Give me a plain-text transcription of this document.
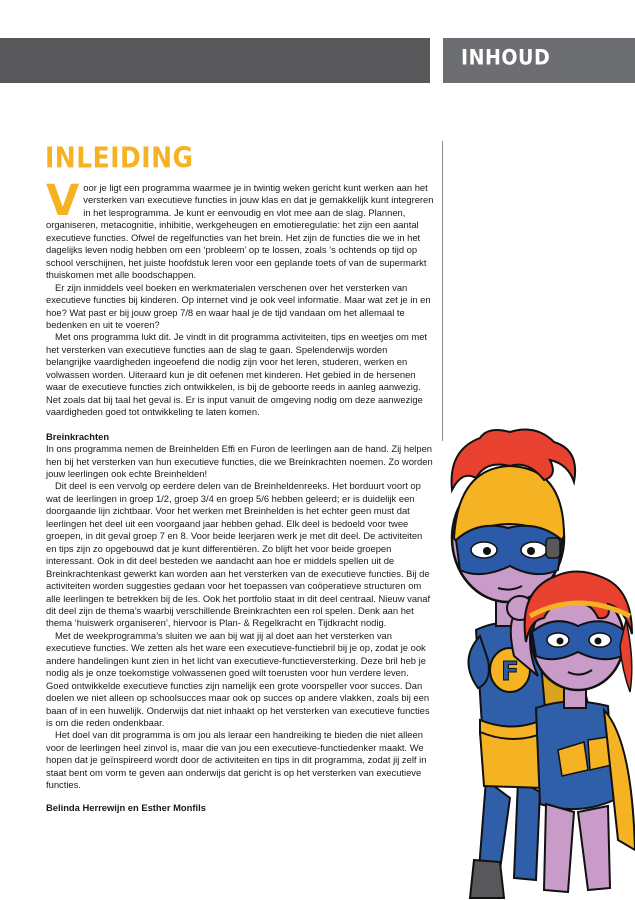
INHOUD
INLEIDING

Voor je ligt een programma waarmee je in twintig weken gericht kunt werken aan het versterken van executieve functies in jouw klas en dat je gemakkelijk kunt integreren in het lesprogramma. Je kunt er eenvoudig en vlot mee aan de slag. Plannen, organiseren, metacognitie, inhibitie, werkgeheugen en emotieregulatie: het zijn een aantal executieve functies. Ofwel de regelfuncties van het brein. Het zijn de functies die we in het dagelijks leven nodig hebben om een ‘probleem’ op te lossen, zoals ’s ochtends op tijd op school verschijnen, het juiste hoofdstuk leren voor een geplande toets of van de supermarkt thuiskomen met alle boodschappen.

Er zijn inmiddels veel boeken en werkmaterialen verschenen over het versterken van executieve functies bij kinderen. Op internet vind je ook veel informatie. Maar wat zet je in en hoe? Wat past er bij jouw groep 7/8 en waar haal je de tijd vandaan om het allemaal te bedenken en uit te voeren?

Met ons programma lukt dit. Je vindt in dit programma activiteiten, tips en weetjes om met het versterken van executieve functies aan de slag te gaan. Spelenderwijs worden belangrijke vaardigheden ingeoefend die nodig zijn voor het leren, studeren, werken en volwassen worden. Uiteraard kun je dit oefenen met kinderen. Het gebied in de hersenen waar de executieve functies zich ontwikkelen, is bij de geboorte reeds in aanleg aanwezig. Net zoals dat bij taal het geval is. Er is input vanuit de omgeving nodig om deze aanwezige vaardigheden goed tot ontwikkeling te laten komen.

Breinkrachten

In ons programma nemen de Breinhelden Effi en Furon de leerlingen aan de hand. Zij helpen hen bij het versterken van hun executieve functies, die we Breinkrachten noemen. Zo worden jouw leerlingen ook echte Breinhelden!

Dit deel is een vervolg op eerdere delen van de Breinheldenreeks. Het borduurt voort op wat de leerlingen in groep 1/2, groep 3/4 en groep 5/6 hebben geleerd; er is duidelijk een doorgaande lijn zichtbaar. Voor het werken met Breinhelden is het echter geen must dat leerlingen het deel uit een voorgaand jaar hebben gehad. Elk deel is bedoeld voor twee groepen, in dit geval groep 7 en 8. Voor beide leerjaren werk je met dit deel. De activiteiten en tips zijn zo opgebouwd dat je kunt differentiëren. Zo blijft het voor beide groepen interessant. Ook in dit deel besteden we aandacht aan hoe er middels spellen uit de Breinkrachtenkast gewerkt kan worden aan het versterken van de executieve functies. Bij de activiteiten worden suggesties gedaan voor het toepassen van coöperatieve structuren om alle leerlingen te betrekken bij de les. Ook het portfolio staat in dit deel centraal. Nieuw vanaf dit deel zijn de thema’s waarbij verschillende Breinkrachten een rol spelen. Denk aan het thema ‘huiswerk organiseren’, hiervoor is Plan- & Regelkracht en Tijdkracht nodig.

Met de weekprogramma’s sluiten we aan bij wat jij al doet aan het versterken van executieve functies. We zetten als het ware een executieve-functiebril bij je op, zodat je ook andere handelingen kunt zien in het licht van executieve-functieversterking. Deze bril heb je nodig als je onze toekomstige volwassenen goed wilt toerusten voor hun verdere leven. Goed ontwikkelde executieve functies zijn namelijk een grote voorspeller voor succes. Dan doelen we niet alleen op schoolsucces maar ook op succes op andere vlakken, zoals bij een baan of in een huwelijk. Onderwijs dat niet inhaakt op het versterken van executieve functies is om die reden ondenkbaar.

Het doel van dit programma is om jou als leraar een handreiking te bieden die niet alleen voor de leerlingen heel zinvol is, maar die van jou een executieve-functiedenker maakt. We hopen dat je geïnspireerd wordt door de activiteiten en tips in dit programma, zodat jij zelf in staat bent om vorm te geven aan onderwijs dat gericht is op het versterken van executieve functies.

Belinda Herrewijn en Esther Monfils

F
